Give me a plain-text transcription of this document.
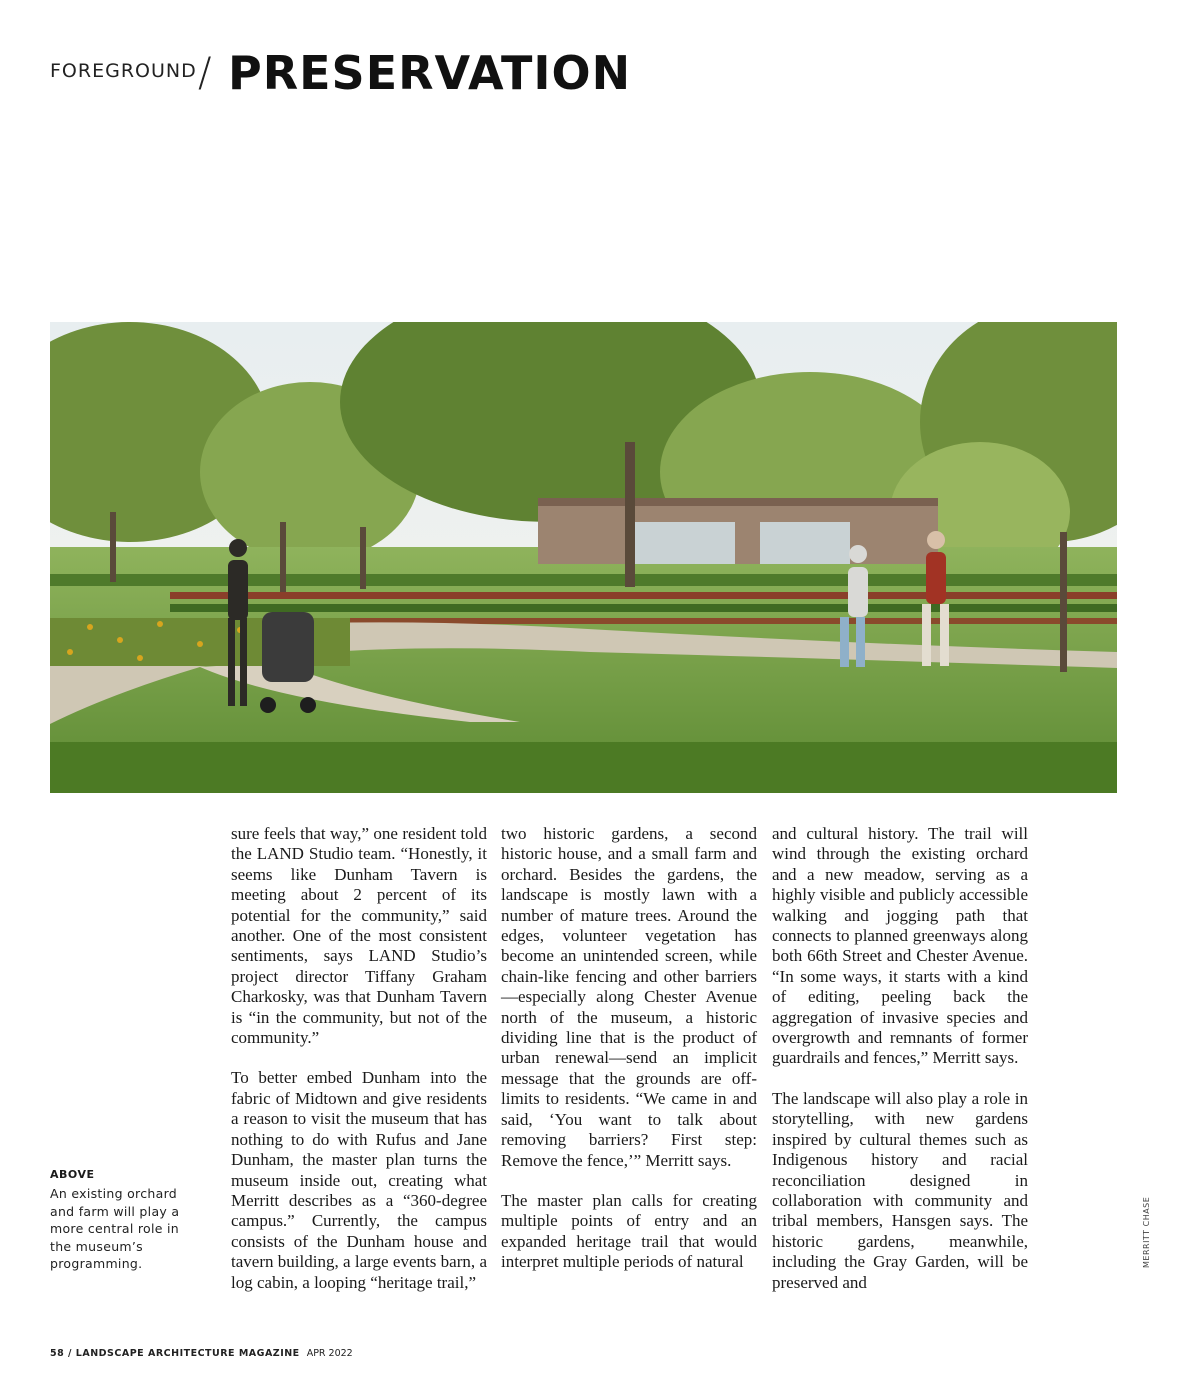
FOREGROUND / PRESERVATION

sure feels that way,” one resident told the LAND Studio team. “Honestly, it seems like Dunham Tavern is meeting about 2 percent of its potential for the community,” said another. One of the most consistent sentiments, says LAND Studio’s project director Tiffany Graham Charkosky, was that Dunham Tavern is “in the community, but not of the community.”

To better embed Dunham into the fabric of Midtown and give residents a reason to visit the museum that has nothing to do with Rufus and Jane Dunham, the master plan turns the museum inside out, creating what Merritt describes as a “360-degree campus.” Currently, the campus consists of the Dunham house and tavern building, a large events barn, a log cabin, a looping “heritage trail,”

two historic gardens, a second historic house, and a small farm and orchard. Besides the gardens, the landscape is mostly lawn with a number of mature trees. Around the edges, volunteer vegetation has become an unintended screen, while chain-like fencing and other barriers—especially along Chester Avenue north of the museum, a historic dividing line that is the product of urban renewal—send an implicit message that the grounds are off-limits to residents. “We came in and said, ‘You want to talk about removing barriers? First step: Remove the fence,’” Merritt says.

The master plan calls for creating multiple points of entry and an expanded heritage trail that would interpret multiple periods of natural

and cultural history. The trail will wind through the existing orchard and a new meadow, serving as a highly visible and publicly accessible walking and jogging path that connects to planned greenways along both 66th Street and Chester Avenue. “In some ways, it starts with a kind of editing, peeling back the aggregation of invasive species and overgrowth and remnants of former guardrails and fences,” Merritt says.

The landscape will also play a role in storytelling, with new gardens inspired by cultural themes such as Indigenous history and racial reconciliation designed in collaboration with community and tribal members, Hansgen says. The historic gardens, meanwhile, including the Gray Garden, will be preserved and

ABOVE
An existing orchard and farm will play a more central role in the museum’s programming.	MERRITT CHASE
58 / LANDSCAPE ARCHITECTURE MAGAZINE APR 2022
